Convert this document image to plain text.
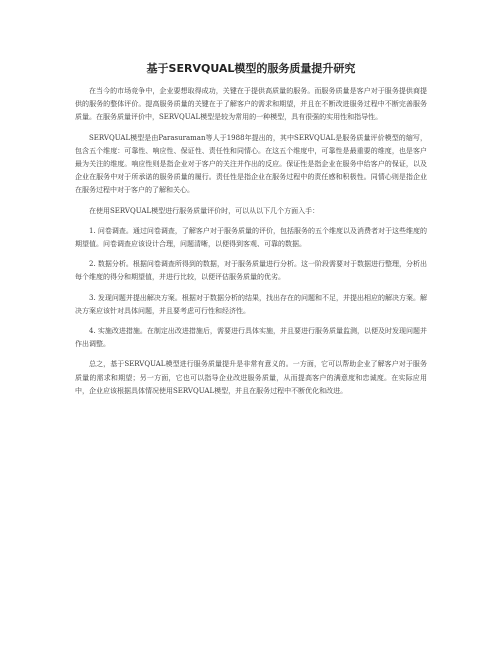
基于SERVQUAL模型的服务质量提升研究

在当今的市场竞争中，企业要想取得成功，关键在于提供高质量的服务。而服务质量是客户对于服务提供商提供的服务的整体评价。提高服务质量的关键在于了解客户的需求和期望，并且在不断改进服务过程中不断完善服务质量。在服务质量评价中，SERVQUAL模型是较为常用的一种模型，具有很强的实用性和指导性。

SERVQUAL模型是由Parasuraman等人于1988年提出的，其中SERVQUAL是服务质量评价模型的缩写，包含五个维度：可靠性、响应性、保证性、责任性和同情心。在这五个维度中，可靠性是最重要的维度，也是客户最为关注的维度。响应性则是指企业对于客户的关注并作出的反应。保证性是指企业在服务中给客户的保证，以及企业在服务中对于所承诺的服务质量的履行。责任性是指企业在服务过程中的责任感和积极性。同情心则是指企业在服务过程中对于客户的了解和关心。

在使用SERVQUAL模型进行服务质量评价时，可以从以下几个方面入手：

1. 问卷调查。通过问卷调查，了解客户对于服务质量的评价，包括服务的五个维度以及消费者对于这些维度的期望值。问卷调查应该设计合理，问题清晰，以便得到客观、可靠的数据。

2. 数据分析。根据问卷调查所得到的数据，对于服务质量进行分析。这一阶段需要对于数据进行整理，分析出每个维度的得分和期望值，并进行比较，以便评估服务质量的优劣。

3. 发现问题并提出解决方案。根据对于数据分析的结果，找出存在的问题和不足，并提出相应的解决方案。解决方案应该针对具体问题，并且要考虑可行性和经济性。

4. 实施改进措施。在制定出改进措施后，需要进行具体实施，并且要进行服务质量监测，以便及时发现问题并作出调整。

总之，基于SERVQUAL模型进行服务质量提升是非常有意义的。一方面，它可以帮助企业了解客户对于服务质量的需求和期望；另一方面，它也可以指导企业改进服务质量，从而提高客户的满意度和忠诚度。在实际应用中，企业应该根据具体情况使用SERVQUAL模型，并且在服务过程中不断优化和改进。
